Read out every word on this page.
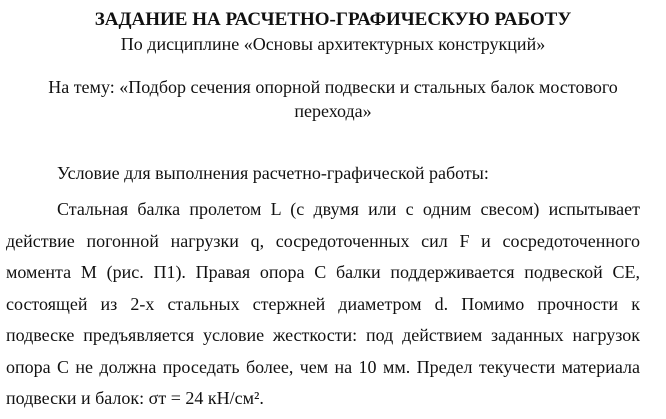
ЗАДАНИЕ НА РАСЧЕТНО-ГРАФИЧЕСКУЮ РАБОТУ
По дисциплине «Основы архитектурных конструкций»
На тему: «Подбор сечения опорной подвески и стальных балок мостового перехода»
Условие для выполнения расчетно-графической работы:
Стальная балка пролетом L (с двумя или с одним свесом) испытывает
действие погонной нагрузки q, сосредоточенных сил F и сосредоточенного
момента М (рис. П1). Правая опора С балки поддерживается подвеской СЕ,
состоящей из 2-х стальных стержней диаметром d. Помимо прочности к
подвеске предъявляется условие жесткости: под действием заданных нагрузок
опора С не должна проседать более, чем на 10 мм. Предел текучести материала
подвески и балок: σт = 24 кН/см².
